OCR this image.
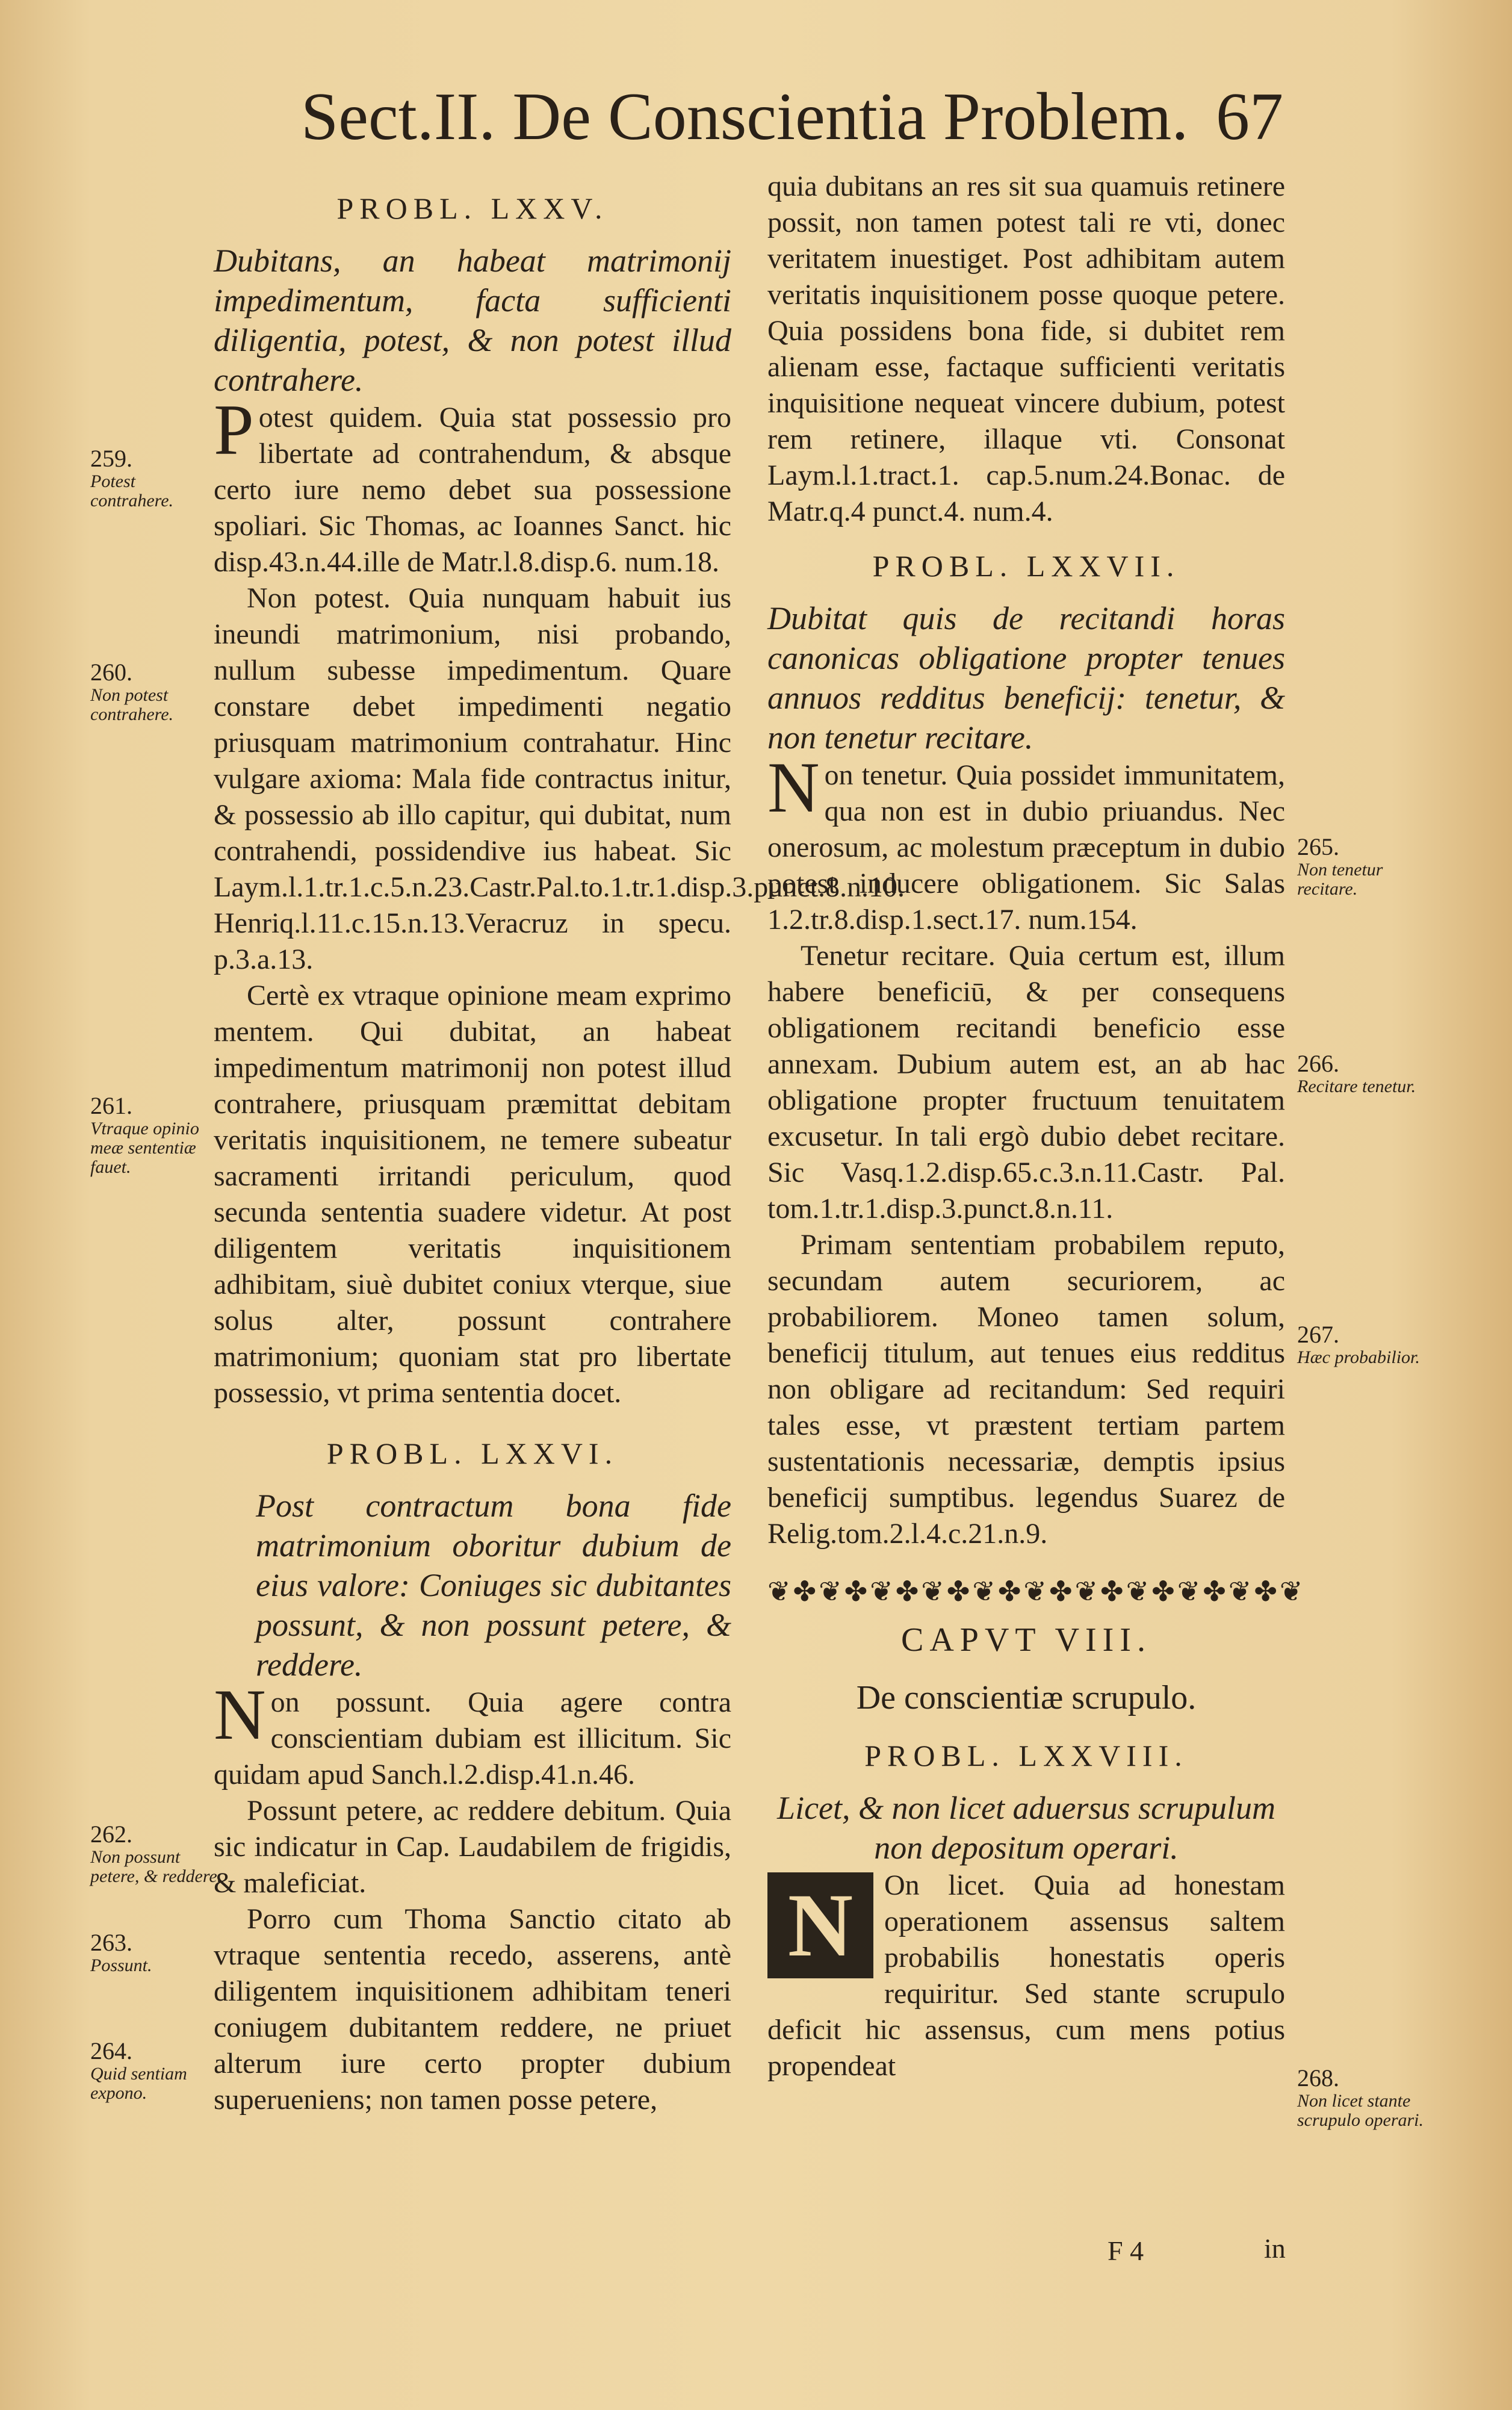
Sect.II. De Conscientia Problem. 67
PROBL. LXXV.

Dubitans, an habeat matrimonij impedimentum, facta sufficienti diligentia, potest, & non potest illud contrahere.

Potest quidem. Quia stat possessio pro libertate ad contrahendum, & absque certo iure nemo debet sua possessione spoliari. Sic Thomas, ac Ioannes Sanct. hic disp.43.n.44.ille de Matr.l.8.disp.6. num.18.

Non potest. Quia nunquam habuit ius ineundi matrimonium, nisi probando, nullum subesse impedimentum. Quare constare debet impedimenti negatio priusquam matrimonium contrahatur. Hinc vulgare axioma: Mala fide contractus initur, & possessio ab illo capitur, qui dubitat, num contrahendi, possidendive ius habeat. Sic Laym.l.1.tr.1.c.5.n.23.Castr.Pal.to.1.tr.1.disp.3.punct.8.n.10. Henriq.l.11.c.15.n.13.Veracruz in specu. p.3.a.13.

Certè ex vtraque opinione meam exprimo mentem. Qui dubitat, an habeat impedimentum matrimonij non potest illud contrahere, priusquam præmittat debitam veritatis inquisitionem, ne temere subeatur sacramenti irritandi periculum, quod secunda sententia suadere videtur. At post diligentem veritatis inquisitionem adhibitam, siuè dubitet coniux vterque, siue solus alter, possunt contrahere matrimonium; quoniam stat pro libertate possessio, vt prima sententia docet.

PROBL. LXXVI.

Post contractum bona fide matrimonium oboritur dubium de eius valore: Coniuges sic dubitantes possunt, & non possunt petere, & reddere.

Non possunt. Quia agere contra conscientiam dubiam est illicitum. Sic quidam apud Sanch.l.2.disp.41.n.46.

Possunt petere, ac reddere debitum. Quia sic indicatur in Cap. Laudabilem de frigidis, & maleficiat.

Porro cum Thoma Sanctio citato ab vtraque sententia recedo, asserens, antè diligentem inquisitionem adhibitam teneri coniugem dubitantem reddere, ne priuet alterum iure certo propter dubium superueniens; non tamen posse petere,

259.
Potest contrahere.
260.
Non potest contrahere.
261.
Vtraque opinio meæ sententiæ fauet.
262.
Non possunt petere, & reddere.
263.
Possunt.
264.
Quid sentiam expono.

quia dubitans an res sit sua quamuis retinere possit, non tamen potest tali re vti, donec veritatem inuestiget. Post adhibitam autem veritatis inquisitionem posse quoque petere. Quia possidens bona fide, si dubitet rem alienam esse, factaque sufficienti veritatis inquisitione nequeat vincere dubium, potest rem retinere, illaque vti. Consonat Laym.l.1.tract.1. cap.5.num.24.Bonac. de Matr.q.4 punct.4. num.4.

PROBL. LXXVII.

Dubitat quis de recitandi horas canonicas obligatione propter tenues annuos redditus beneficij: tenetur, & non tenetur recitare.

Non tenetur. Quia possidet immunitatem, qua non est in dubio priuandus. Nec onerosum, ac molestum præceptum in dubio potest inducere obligationem. Sic Salas 1.2.tr.8.disp.1.sect.17. num.154.

Tenetur recitare. Quia certum est, illum habere beneficiū, & per consequens obligationem recitandi beneficio esse annexam. Dubium autem est, an ab hac obligatione propter fructuum tenuitatem excusetur. In tali ergò dubio debet recitare. Sic Vasq.1.2.disp.65.c.3.n.11.Castr. Pal. tom.1.tr.1.disp.3.punct.8.n.11.

Primam sententiam probabilem reputo, secundam autem securiorem, ac probabiliorem. Moneo tamen solum, beneficij titulum, aut tenues eius redditus non obligare ad recitandum: Sed requiri tales esse, vt præstent tertiam partem sustentationis necessariæ, demptis ipsius beneficij sumptibus. legendus Suarez de Relig.tom.2.l.4.c.21.n.9.

❦✤❦✤❦✤❦✤❦✤❦✤❦✤❦✤❦✤❦✤❦
CAPVT VIII.
De conscientiæ scrupulo.
PROBL. LXXVIII.

Licet, & non licet aduersus scrupulum non depositum operari.

N	On licet. Quia ad honestam operationem assensus saltem probabilis honestatis operis requiritur. Sed stante scrupulo deficit hic assensus, cum mens potius propendeat

265.
Non tenetur recitare.
266.
Recitare tenetur.
267.
Hæc probabilior.
268.
Non licet stante scrupulo operari.
F 4	in
